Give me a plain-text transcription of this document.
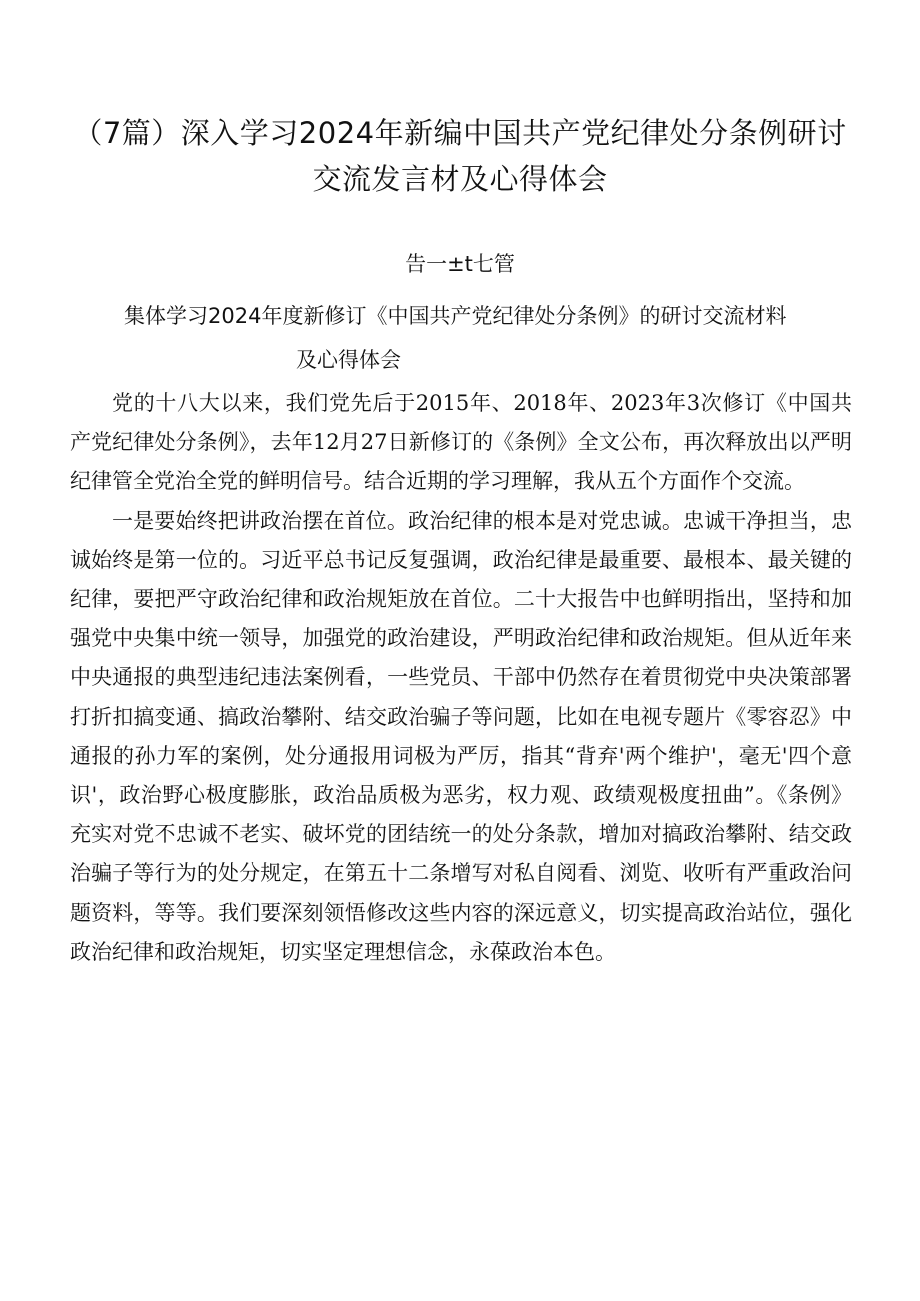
（7篇）深入学习2024年新编中国共产党纪律处分条例研讨交流发言材及心得体会
告一±t七管
集体学习2024年度新修订《中国共产党纪律处分条例》的研讨交流材料
及心得体会

党的十八大以来，我们党先后于2015年、2018年、2023年3次修订《中国共产党纪律处分条例》，去年12月27日新修订的《条例》全文公布，再次释放出以严明纪律管全党治全党的鲜明信号。结合近期的学习理解，我从五个方面作个交流。

一是要始终把讲政治摆在首位。政治纪律的根本是对党忠诚。忠诚干净担当，忠诚始终是第一位的。习近平总书记反复强调，政治纪律是最重要、最根本、最关键的纪律，要把严守政治纪律和政治规矩放在首位。二十大报告中也鲜明指出，坚持和加强党中央集中统一领导，加强党的政治建设，严明政治纪律和政治规矩。但从近年来中央通报的典型违纪违法案例看，一些党员、干部中仍然存在着贯彻党中央决策部署打折扣搞变通、搞政治攀附、结交政治骗子等问题，比如在电视专题片《零容忍》中通报的孙力军的案例，处分通报用词极为严厉，指其“背弃'两个维护'，毫无'四个意识'，政治野心极度膨胀，政治品质极为恶劣，权力观、政绩观极度扭曲”。《条例》充实对党不忠诚不老实、破坏党的团结统一的处分条款，增加对搞政治攀附、结交政治骗子等行为的处分规定，在第五十二条增写对私自阅看、浏览、收听有严重政治问题资料，等等。我们要深刻领悟修改这些内容的深远意义，切实提高政治站位，强化政治纪律和政治规矩，切实坚定理想信念，永葆政治本色。
